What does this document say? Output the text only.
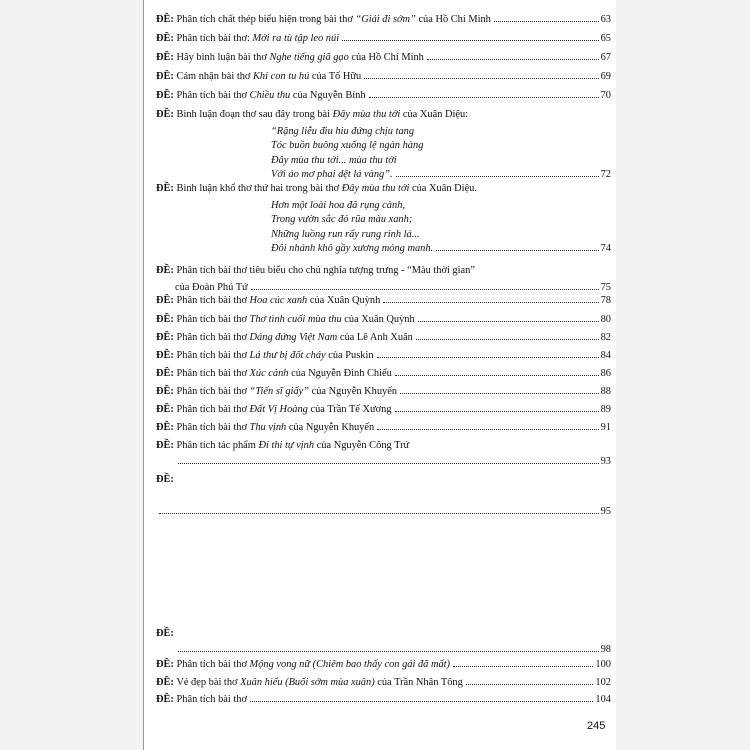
ĐỀ: Phân tích chất thép biểu hiện trong bài thơ “Giải đi sớm” của Hồ Chí Minh	63
ĐỀ: Phân tích bài thơ: Mới ra tù tập leo núi	65
ĐỀ: Hãy bình luận bài thơ Nghe tiếng giã gạo của Hồ Chí Minh	67
ĐỀ: Cảm nhận bài thơ Khi con tu hú của Tố Hữu	69
ĐỀ: Phân tích bài thơ Chiều thu của Nguyễn Bính	70
ĐỀ: Bình luận đoạn thơ sau đây trong bài Đây mùa thu tới của Xuân Diệu:
“Rặng liễu đìu hiu đứng chịu tang
Tóc buồn buông xuống lệ ngàn hàng
Đây mùa thu tới... mùa thu tới
Với áo mơ phai dệt lá vàng”.	72
ĐỀ: Bình luận khổ thơ thứ hai trong bài thơ Đây mùa thu tới của Xuân Diệu.
Hơn một loài hoa đã rụng cành,
Trong vườn sắc đỏ rũa màu xanh;
Những luồng run rẩy rung rinh lá...
Đôi nhánh khô gầy xương mỏng manh.	74
ĐỀ: Phân tích bài thơ tiêu biểu cho chủ nghĩa tượng trưng - “Màu thời gian”
của Đoàn Phú Tứ	75
ĐỀ: Phân tích bài thơ Hoa cúc xanh của Xuân Quỳnh	78
ĐỀ: Phân tích bài thơ Thơ tình cuối mùa thu của Xuân Quỳnh	80
ĐỀ: Phân tích bài thơ Dáng đứng Việt Nam của Lê Anh Xuân	82
ĐỀ: Phân tích bài thơ Lá thư bị đốt cháy của Puskin	84
ĐỀ: Phân tích bài thơ Xúc cảnh của Nguyễn Đình Chiểu	86
ĐỀ: Phân tích bài thơ “Tiến sĩ giấy” của Nguyễn Khuyến	88
ĐỀ: Phân tích bài thơ Đất Vị Hoàng của Trần Tế Xương	89
ĐỀ: Phân tích bài thơ Thu vịnh của Nguyễn Khuyến	91
ĐỀ: Phân tích tác phẩm Đi thi tự vịnh của Nguyễn Công Trứ
93
ĐỀ:
95
ĐỀ:
98
ĐỀ: Phân tích bài thơ Mộng vong nữ (Chiêm bao thấy con gái đã mất)	100
ĐỀ: Vẻ đẹp bài thơ Xuân hiểu (Buổi sớm mùa xuân) của Trần Nhân Tông	102
ĐỀ: Phân tích bài thơ	104
245
